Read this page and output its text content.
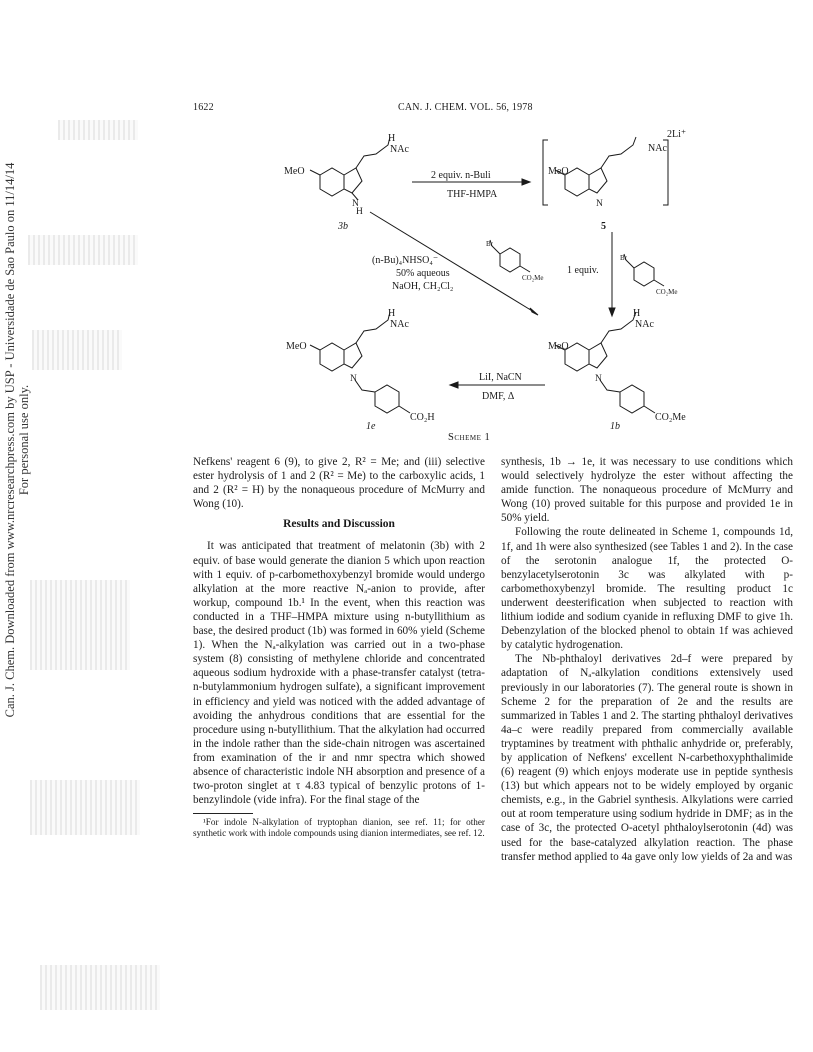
Can. J. Chem. Downloaded from www.nrcresearchpress.com by USP - Universidade de Sao Paulo on 11/14/14 For personal use only.
1622	CAN. J. CHEM. VOL. 56, 1978
H
NAc
MeO
N
H
3b
2 equiv. n-Buli
THF-HMPA
NAc
2Li⁺
MeO
N
5
(n-Bu)₄NHSO₄⁻
50% aqueous
NaOH, CH₂Cl₂
Br
CO₂Me
1 equiv.
Br
CO₂Me
H
NAc
MeO
N
CO₂H
1e
LiI, NaCN
DMF, Δ
H
NAc
MeO
N
CO₂Me
1b
Scheme 1

Nefkens' reagent 6 (9), to give 2, R² = Me; and (iii) selective ester hydrolysis of 1 and 2 (R² = Me) to the carboxylic acids, 1 and 2 (R² = H) by the nonaqueous procedure of McMurry and Wong (10).

Results and Discussion

It was anticipated that treatment of melatonin (3b) with 2 equiv. of base would generate the dianion 5 which upon reaction with 1 equiv. of p-carbomethoxybenzyl bromide would undergo alkylation at the more reactive Nₐ-anion to provide, after workup, compound 1b.¹ In the event, when this reaction was conducted in a THF–HMPA mixture using n-butyllithium as base, the desired product (1b) was formed in 60% yield (Scheme 1). When the Nₐ-alkylation was carried out in a two-phase system (8) consisting of methylene chloride and concentrated aqueous sodium hydroxide with a phase-transfer catalyst (tetra-n-butylammonium hydrogen sulfate), a significant improvement in efficiency and yield was noticed with the added advantage of avoiding the anhydrous conditions that are essential for the procedure using n-butyllithium. That the alkylation had occurred in the indole rather than the side-chain nitrogen was ascertained from examination of the ir and nmr spectra which showed absence of characteristic indole NH absorption and presence of a two-proton singlet at τ 4.83 typical of benzylic protons of 1-benzylindole (vide infra). For the final stage of the

¹For indole N-alkylation of tryptophan dianion, see ref. 11; for other synthetic work with indole compounds using dianion intermediates, see ref. 12.

synthesis, 1b → 1e, it was necessary to use conditions which would selectively hydrolyze the ester without affecting the amide function. The nonaqueous procedure of McMurry and Wong (10) proved suitable for this purpose and provided 1e in 50% yield.

Following the route delineated in Scheme 1, compounds 1d, 1f, and 1h were also synthesized (see Tables 1 and 2). In the case of the serotonin analogue 1f, the protected O-benzylacetylserotonin 3c was alkylated with p-carbomethoxybenzyl bromide. The resulting product 1c underwent deesterification when subjected to reaction with lithium iodide and sodium cyanide in refluxing DMF to give 1h. Debenzylation of the blocked phenol to obtain 1f was achieved by catalytic hydrogenation.

The Nb-phthaloyl derivatives 2d–f were prepared by adaptation of Nₐ-alkylation conditions extensively used previously in our laboratories (7). The general route is shown in Scheme 2 for the preparation of 2e and the results are summarized in Tables 1 and 2. The starting phthaloyl derivatives 4a–c were readily prepared from commercially available tryptamines by treatment with phthalic anhydride or, preferably, by application of Nefkens' excellent N-carbethoxyphthalimide (6) reagent (9) which enjoys moderate use in peptide synthesis (13) but which appears not to be widely employed by organic chemists, e.g., in the Gabriel synthesis. Alkylations were carried out at room temperature using sodium hydride in DMF; as in the case of 3c, the protected O-acetyl phthaloylserotonin (4d) was used for the base-catalyzed alkylation reaction. The phase transfer method applied to 4a gave only low yields of 2a and was
